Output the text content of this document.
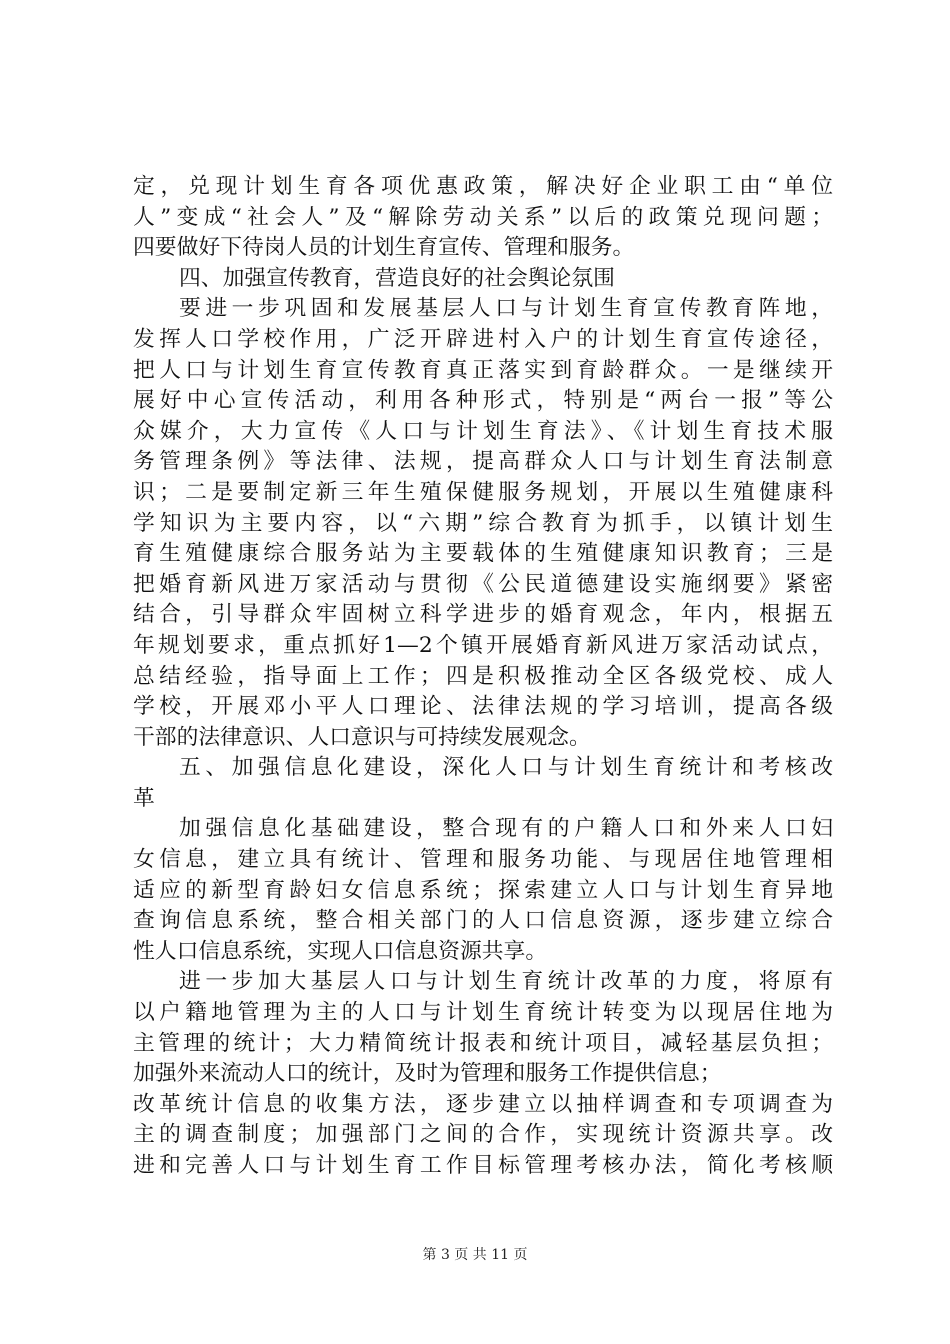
定，兑现计划生育各项优惠政策，解决好企业职工由“单位
人”变成“社会人”及“解除劳动关系”以后的政策兑现问题；
四要做好下待岗人员的计划生育宣传、管理和服务。
四、加强宣传教育，营造良好的社会舆论氛围
要进一步巩固和发展基层人口与计划生育宣传教育阵地，
发挥人口学校作用，广泛开辟进村入户的计划生育宣传途径，
把人口与计划生育宣传教育真正落实到育龄群众。一是继续开
展好中心宣传活动，利用各种形式，特别是“两台一报”等公
众媒介，大力宣传《人口与计划生育法》、《计划生育技术服
务管理条例》等法律、法规，提高群众人口与计划生育法制意
识；二是要制定新三年生殖保健服务规划，开展以生殖健康科
学知识为主要内容，以“六期”综合教育为抓手，以镇计划生
育生殖健康综合服务站为主要载体的生殖健康知识教育；三是
把婚育新风进万家活动与贯彻《公民道德建设实施纲要》紧密
结合，引导群众牢固树立科学进步的婚育观念，年内，根据五
年规划要求，重点抓好1—2个镇开展婚育新风进万家活动试点，
总结经验，指导面上工作；四是积极推动全区各级党校、成人
学校，开展邓小平人口理论、法律法规的学习培训，提高各级
干部的法律意识、人口意识与可持续发展观念。
五、加强信息化建设，深化人口与计划生育统计和考核改
革
加强信息化基础建设，整合现有的户籍人口和外来人口妇
女信息，建立具有统计、管理和服务功能、与现居住地管理相
适应的新型育龄妇女信息系统；探索建立人口与计划生育异地
查询信息系统，整合相关部门的人口信息资源，逐步建立综合
性人口信息系统，实现人口信息资源共享。
进一步加大基层人口与计划生育统计改革的力度，将原有
以户籍地管理为主的人口与计划生育统计转变为以现居住地为
主管理的统计；大力精简统计报表和统计项目，减轻基层负担；
加强外来流动人口的统计，及时为管理和服务工作提供信息；
改革统计信息的收集方法，逐步建立以抽样调查和专项调查为
主的调查制度；加强部门之间的合作，实现统计资源共享。改
进和完善人口与计划生育工作目标管理考核办法，简化考核顺
第 3 页 共 11 页
